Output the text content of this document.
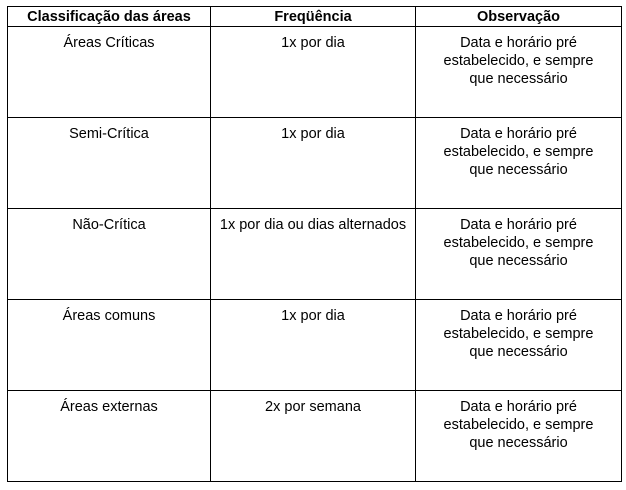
Classificação das áreas	Freqüência	Observação
Áreas Críticas	1x por dia	Data e horário pré estabelecido, e sempre que necessário
Semi-Crítica	1x por dia	Data e horário pré estabelecido, e sempre que necessário
Não-Crítica	1x por dia ou dias alternados	Data e horário pré estabelecido, e sempre que necessário
Áreas comuns	1x por dia	Data e horário pré estabelecido, e sempre que necessário
Áreas externas	2x por semana	Data e horário pré estabelecido, e sempre que necessário
